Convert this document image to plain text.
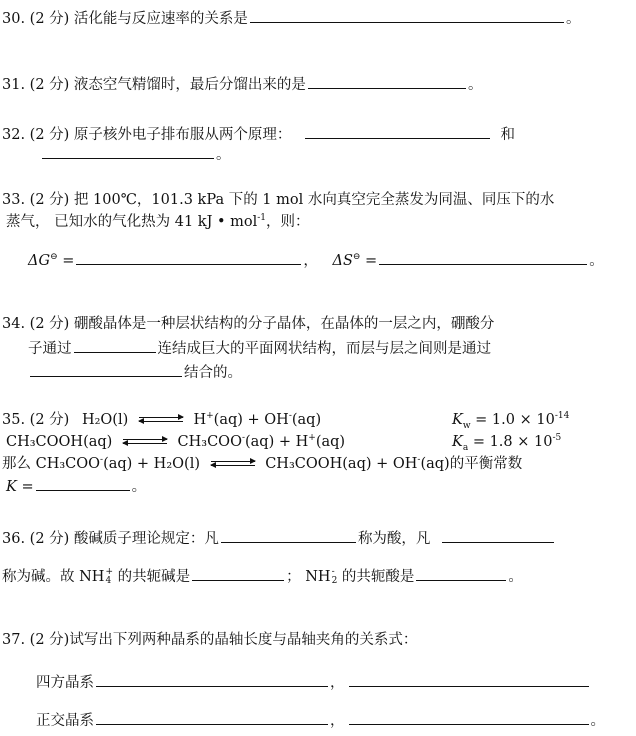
30. (2 分) 活化能与反应速率的关系是	。
31. (2 分) 液态空气精馏时，最后分馏出来的是	。
32. (2 分) 原子核外电子排布服从两个原理：	和
。
33. (2 分) 把 100℃，101.3 kPa 下的 1 mol 水向真空完全蒸发为同温、同压下的水
蒸气， 已知水的气化热为 41 kJ • mol$^{-1}$，则：
ΔG⊖ =	， ΔS⊖ =	。
34. (2 分) 硼酸晶体是一种层状结构的分子晶体，在晶体的一层之内，硼酸分
子通过	连结成巨大的平面网状结构，而层与层之间则是通过
结合的。
35. (2 分) H₂O(l)	H+(aq) + OH-(aq)	$K_w = 1.0 \times 10^{-14}$
CH₃COOH(aq)	CH₃COO-(aq) + H+(aq)	$K_a = 1.8 \times 10^{-5}$
那么 CH₃COO-(aq) + H₂O(l)	CH₃COOH(aq) + OH-(aq)的平衡常数
K =	。
36. (2 分) 酸碱质子理论规定：凡	称为酸，凡
称为碱。故 NH +
4 的共轭碱是	； NH -
2 的共轭酸是	。
37. (2 分)试写出下列两种晶系的晶轴长度与晶轴夹角的关系式：
四方晶系	，
正交晶系	，	。
